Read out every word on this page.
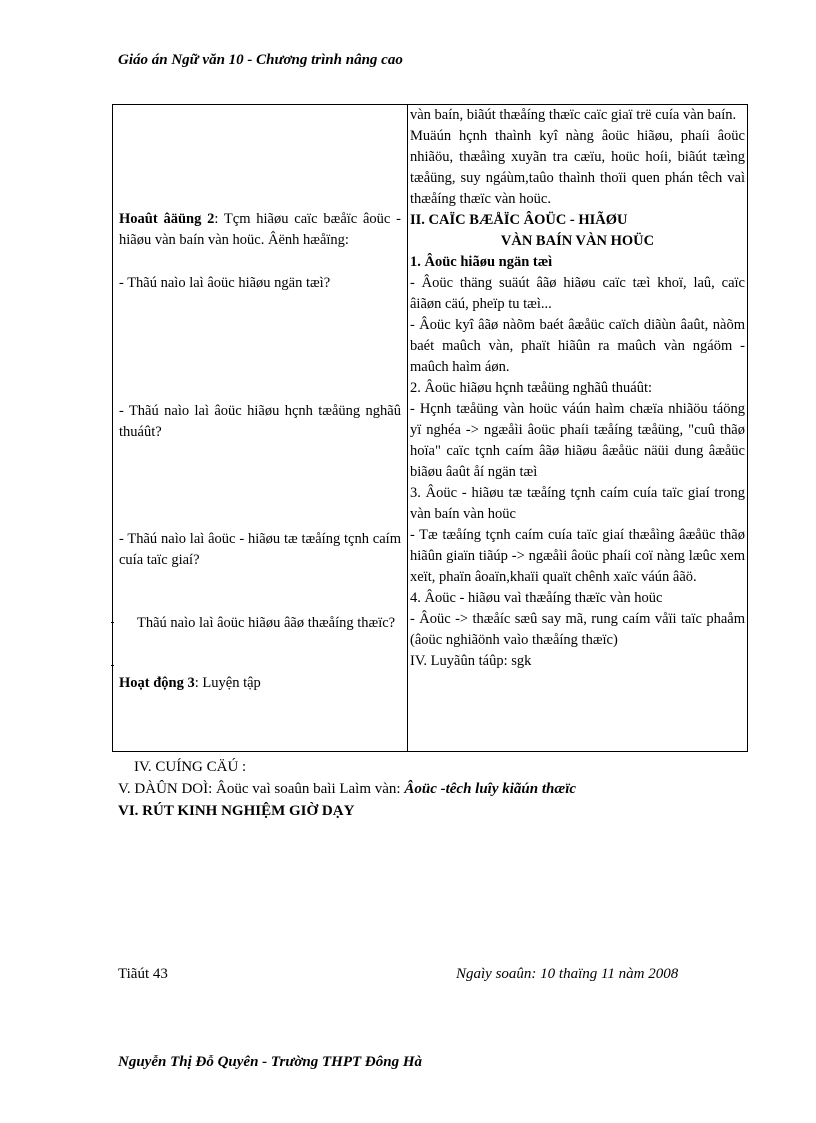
Giáo án Ngữ văn 10 - Chương trình nâng cao
Hoaût âäüng 2: Tçm hiãøu caïc bæåïc âoüc - hiãøu vàn baín vàn hoüc. Âënh hæåïng:
- Thãú naìo laì âoüc hiãøu ngän tæì?
- Thãú naìo laì âoüc hiãøu hçnh tæåüng nghãû thuáût?
- Thãú naìo laì âoüc - hiãøu tæ tæåíng tçnh caím cuía taïc giaí?
Thãú naìo laì âoüc hiãøu âãø thæåíng thæïc?
Hoạt động 3: Luyện tập

vàn baín, biãút thæåíng thæïc caïc giaï trë cuía vàn baín.

Muäún hçnh thaình kyî nàng âoüc hiãøu, phaíi âoüc nhiãöu, thæåìng xuyãn tra cæïu, hoüc hoíi, biãút tæìng tæåüng, suy ngáùm,taûo thaình thoïi quen phán têch vaì thæåíng thæïc vàn hoüc.

II. CAÏC BÆÅÏC ÂOÜC - HIÃØU

VÀN BAÍN VÀN HOÜC

1. Âoüc hiãøu ngän tæì

- Âoüc thäng suäút âãø hiãøu caïc tæì khoï, laû, caïc âiãøn cäú, pheïp tu tæì...

- Âoüc kyî âãø nàõm baét âæåüc caïch diãùn âaût, nàõm baét maûch vàn, phaït hiãûn ra maûch vàn ngáöm - maûch haìm áøn.

2. Âoüc hiãøu hçnh tæåüng nghãû thuáût:

- Hçnh tæåüng vàn hoüc váún haìm chæïa nhiãöu táöng yï nghéa -> ngæåìi âoüc phaíi tæåíng tæåüng, "cuû thãø hoïa" caïc tçnh caím âãø hiãøu âæåüc näüi dung âæåüc biãøu âaût åí ngän tæì

3. Âoüc - hiãøu tæ tæåíng tçnh caím cuía taïc giaí trong vàn baín vàn hoüc

- Tæ tæåíng tçnh caím cuía taïc giaí thæåìng âæåüc thãø hiãûn giaïn tiãúp -> ngæåìi âoüc phaíi coï nàng læûc xem xeït, phaïn âoaïn,khaïi quaït chênh xaïc váún âãö.

4. Âoüc - hiãøu vaì thæåíng thæïc vàn hoüc

- Âoüc -> thæåíc sæû say mã, rung caím våïi taïc phaåm (âoüc nghiãönh vaìo thæåíng thæïc)

IV. Luyãûn táûp: sgk

IV. CUÍNG CÄÚ :

V. DÀÛN DOÌ: Âoüc vaì soaûn baìi Laìm vàn: Âoüc -têch luîy kiãún thæïc

VI. RÚT KINH NGHIỆM GIỜ DẠY

Tiãút 43	Ngaìy soaûn: 10 thaïng 11 nàm 2008
Nguyễn Thị Đỗ Quyên - Trường THPT Đông Hà
